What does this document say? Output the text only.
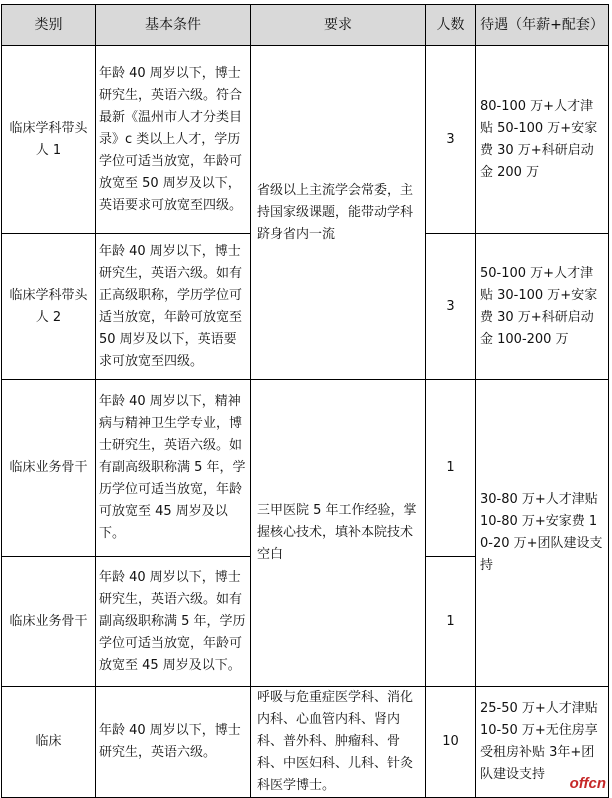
类别	基本条件	要求	人数	待遇（年薪+配套）
临床学科带头人 1	年龄 40 周岁以下，博士研究生，英语六级。符合最新《温州市人才分类目录》c 类以上人才，学历学位可适当放宽，年龄可放宽至 50 周岁及以下，英语要求可放宽至四级。	省级以上主流学会常委，主持国家级课题，能带动学科跻身省内一流	3	80-100 万+人才津贴 50-100 万+安家费 30 万+科研启动金 200 万
临床学科带头人 2	年龄 40 周岁以下，博士研究生，英语六级。如有正高级职称，学历学位可适当放宽，年龄可放宽至 50 周岁及以下，英语要求可放宽至四级。		3	50-100 万+人才津贴 30-100 万+安家费 30 万+科研启动金 100-200 万
临床业务骨干	年龄 40 周岁以下，精神病与精神卫生学专业，博士研究生，英语六级。如有副高级职称满 5 年，学历学位可适当放宽，年龄可放宽至 45 周岁及以下。	三甲医院 5 年工作经验，掌握核心技术，填补本院技术空白	1	30-80 万+人才津贴 10-80 万+安家费 10-20 万+团队建设支持
临床业务骨干	年龄 40 周岁以下，博士研究生，英语六级。如有副高级职称满 5 年，学历学位可适当放宽，年龄可放宽至 45 周岁及以下。		1	
临床	年龄 40 周岁以下，博士研究生，英语六级。	呼吸与危重症医学科、消化内科、心血管内科、肾内科、普外科、肿瘤科、骨科、中医妇科、儿科、针灸科医学博士。	10	25-50 万+人才津贴 10-50 万+无住房享受租房补贴 3年+团队建设支持
offcn
